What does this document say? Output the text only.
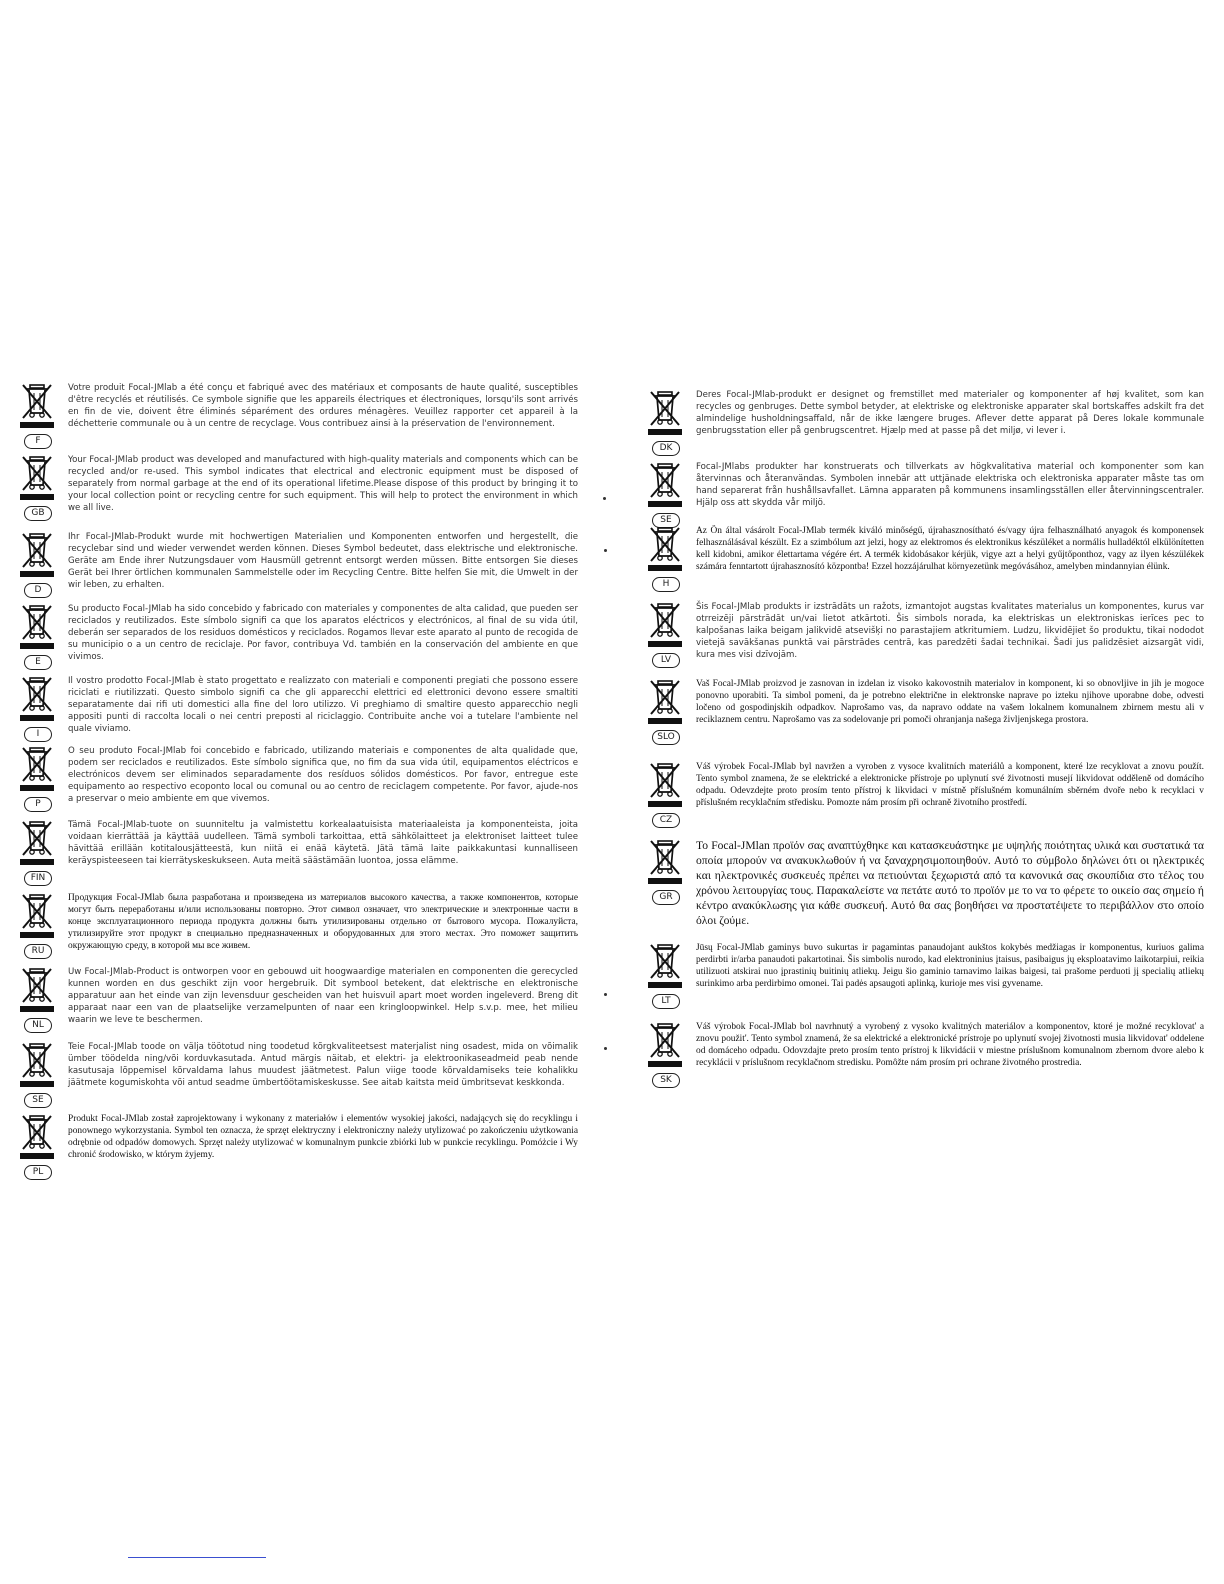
F

Votre produit Focal-JMlab a été conçu et fabriqué avec des matériaux et composants de haute qualité, susceptibles d'être recyclés et réutilisés. Ce symbole signifie que les appareils électriques et électroniques, lorsqu'ils sont arrivés en fin de vie, doivent être éliminés séparément des ordures ménagères. Veuillez rapporter cet appareil à la déchetterie communale ou à un centre de recyclage. Vous contribuez ainsi à la préservation de l'environnement.

GB

Your Focal-JMlab product was developed and manufactured with high-quality materials and components which can be recycled and/or re-used. This symbol indicates that electrical and electronic equipment must be disposed of separately from normal garbage at the end of its operational lifetime.Please dispose of this product by bringing it to your local collection point or recycling centre for such equipment. This will help to protect the environment in which we all live.

D

Ihr Focal-JMlab-Produkt wurde mit hochwertigen Materialien und Komponenten entworfen und hergestellt, die recyclebar sind und wieder verwendet werden können. Dieses Symbol bedeutet, dass elektrische und elektronische. Geräte am Ende ihrer Nutzungsdauer vom Hausmüll getrennt entsorgt werden müssen. Bitte entsorgen Sie dieses Gerät bei Ihrer örtlichen kommunalen Sammelstelle oder im Recycling Centre. Bitte helfen Sie mit, die Umwelt in der wir leben, zu erhalten.

E

Su producto Focal-JMlab ha sido concebido y fabricado con materiales y componentes de alta calidad, que pueden ser reciclados y reutilizados. Este símbolo signifi ca que los aparatos eléctricos y electrónicos, al final de su vida útil, deberán ser separados de los residuos domésticos y reciclados. Rogamos llevar este aparato al punto de recogida de su municipio o a un centro de reciclaje. Por favor, contribuya Vd. también en la conservación del ambiente en que vivimos.

I

Il vostro prodotto Focal-JMlab è stato progettato e realizzato con materiali e componenti pregiati che possono essere riciclati e riutilizzati. Questo simbolo signifi ca che gli apparecchi elettrici ed elettronici devono essere smaltiti separatamente dai rifi uti domestici alla fine del loro utilizzo. Vi preghiamo di smaltire questo apparecchio negli appositi punti di raccolta locali o nei centri preposti al riciclaggio. Contribuite anche voi a tutelare l'ambiente nel quale viviamo.

P

O seu produto Focal-JMlab foi concebido e fabricado, utilizando materiais e componentes de alta qualidade que, podem ser reciclados e reutilizados. Este símbolo significa que, no fim da sua vida útil, equipamentos eléctricos e electrónicos devem ser eliminados separadamente dos resíduos sólidos domésticos. Por favor, entregue este equipamento ao respectivo ecoponto local ou comunal ou ao centro de reciclagem competente. Por favor, ajude-nos a preservar o meio ambiente em que vivemos.

FIN

Tämä Focal-JMlab-tuote on suunniteltu ja valmistettu korkealaatuisista materiaaleista ja komponenteista, joita voidaan kierrättää ja käyttää uudelleen. Tämä symboli tarkoittaa, että sähkölaitteet ja elektroniset laitteet tulee hävittää erillään kotitalousjätteestä, kun niitä ei enää käytetä. Jätä tämä laite paikkakuntasi kunnalliseen keräyspisteeseen tai kierrätyskeskukseen. Auta meitä säästämään luontoa, jossa elämme.

RU

Продукция Focal-JMlab была разработана и произведена из материалов высокого качества, а также компонентов, которые могут быть переработаны и/или использованы повторно. Этот символ означает, что электрические и электронные части в конце эксплуатационного периода продукта должны быть утилизированы отдельно от бытового мусора. Пожалуйста, утилизируйте этот продукт в специально предназначенных и оборудованных для этого местах. Это поможет защитить окружающую среду, в которой мы все живем.

NL

Uw Focal-JMlab-Product is ontworpen voor en gebouwd uit hoogwaardige materialen en componenten die gerecycled kunnen worden en dus geschikt zijn voor hergebruik. Dit symbool betekent, dat elektrische en elektronische apparatuur aan het einde van zijn levensduur gescheiden van het huisvuil apart moet worden ingeleverd. Breng dit apparaat naar een van de plaatselijke verzamelpunten of naar een kringloopwinkel. Help s.v.p. mee, het milieu waarin we leve te beschermen.

SE

Teie Focal-JMlab toode on välja töötotud ning toodetud kõrgkvaliteetsest materjalist ning osadest, mida on võimalik ümber töödelda ning/või korduvkasutada. Antud märgis näitab, et elektri- ja elektroonikaseadmeid peab nende kasutusaja lõppemisel kõrvaldama lahus muudest jäätmetest. Palun viige toode kõrvaldamiseks teie kohalikku jäätmete kogumiskohta või antud seadme ümbertöötamiskeskusse. See aitab kaitsta meid ümbritsevat keskkonda.

PL

Produkt Focal-JMlab został zaprojektowany i wykonany z materiałów i elementów wysokiej jakości, nadających się do recyklingu i ponownego wykorzystania. Symbol ten oznacza, że sprzęt elektryczny i elektroniczny należy utylizować po zakończeniu użytkowania odrębnie od odpadów domowych. Sprzęt należy utylizować w komunalnym punkcie zbiórki lub w punkcie recyklingu. Pomóżcie i Wy chronić środowisko, w którym żyjemy.

DK

Deres Focal-JMlab-produkt er designet og fremstillet med materialer og komponenter af høj kvalitet, som kan recycles og genbruges. Dette symbol betyder, at elektriske og elektroniske apparater skal bortskaffes adskilt fra det almindelige husholdningsaffald, når de ikke længere bruges. Aflever dette apparat på Deres lokale kommunale genbrugsstation eller på genbrugscentret. Hjælp med at passe på det miljø, vi lever i.

SE

Focal-JMlabs produkter har konstruerats och tillverkats av högkvalitativa material och komponenter som kan återvinnas och återanvändas. Symbolen innebär att uttjänade elektriska och elektroniska apparater måste tas om hand separerat från hushållsavfallet. Lämna apparaten på kommunens insamlingsställen eller återvinningscentraler. Hjälp oss att skydda vår miljö.

H

Az Ön által vásárolt Focal-JMlab termék kiváló minőségű, újrahasznosítható és/vagy újra felhasználható anyagok és komponensek felhasználásával készült. Ez a szimbólum azt jelzi, hogy az elektromos és elektronikus készüléket a normális hulladéktól elkülönítetten kell kidobni, amikor élettartama végére ért. A termék kidobásakor kérjük, vigye azt a helyi gyűjtőponthoz, vagy az ilyen készülékek számára fenntartott újrahasznosító központba! Ezzel hozzájárulhat környezetünk megóvásához, amelyben mindannyian élünk.

LV

Šis Focal-JMlab produkts ir izstrādāts un ražots, izmantojot augstas kvalitates materialus un komponentes, kurus var otrreizēji pārstrādāt un/vai lietot atkārtoti. Šis simbols norada, ka elektriskas un elektroniskas ierīces pec to kalpošanas laika beigam jalikvidē atsevišķi no parastajiem atkritumiem. Ludzu, likvidējiet šo produktu, tikai nododot vietejā savākšanas punktā vai pārstrādes centrā, kas paredzēti šadai technikai. Šadi jus palidzēsiet aizsargāt vidi, kura mes visi dzīvojām.

SLO

Vaš Focal-JMlab proizvod je zasnovan in izdelan iz visoko kakovostnih materialov in komponent, ki so obnovljive in jih je mogoce ponovno uporabiti. Ta simbol pomeni, da je potrebno električne in elektronske naprave po izteku njihove uporabne dobe, odvesti ločeno od gospodinjskih odpadkov. Naprošamo vas, da napravo oddate na vašem lokalnem komunalnem zbirnem mestu ali v reciklaznem centru. Naprošamo vas za sodelovanje pri pomoči ohranjanja našega življenjskega prostora.

CZ

Váš výrobek Focal-JMlab byl navržen a vyroben z vysoce kvalitních materiálů a komponent, které lze recyklovat a znovu použít. Tento symbol znamena, že se elektrické a elektronicke přístroje po uplynutí své životnosti musejí likvidovat odděleně od domácího odpadu. Odevzdejte proto prosím tento přístroj k likvidaci v místně příslušném komunálním sběrném dvoře nebo k recyklaci v příslušném recyklačním středisku. Pomozte nám prosím při ochraně životního prostředí.

GR

Το Focal-JMlan προϊόν σας αναπτύχθηκε και κατασκευάστηκε με υψηλής ποιότητας υλικά και συστατικά τα οποία μπορούν να ανακυκλωθούν ή να ξαναχρησιμοποιηθούν. Αυτό το σύμβολο δηλώνει ότι οι ηλεκτρικές και ηλεκτρονικές συσκευές πρέπει να πετιούνται ξεχωριστά από τα κανονικά σας σκουπίδια στο τέλος του χρόνου λειτουργίας τους. Παρακαλείστε να πετάτε αυτό το προϊόν με το να το φέρετε το οικείο σας σημείο ή κέντρο ανακύκλωσης για κάθε συσκευή. Αυτό θα σας βοηθήσει να προστατέψετε το περιβάλλον στο οποίο όλοι ζούμε.

LT

Jūsų Focal-JMlab gaminys buvo sukurtas ir pagamintas panaudojant aukštos kokybės medžiagas ir komponentus, kuriuos galima perdirbti ir/arba panaudoti pakartotinai. Šis simbolis nurodo, kad elektroninius įtaisus, pasibaigus jų eksploatavimo laikotarpiui, reikia utilizuoti atskirai nuo įprastinių buitinių atliekų. Jeigu šio gaminio tarnavimo laikas baigesi, tai prašome perduoti jį specialių atliekų surinkimo arba perdirbimo omonei. Tai padės apsaugoti aplinką, kurioje mes visi gyvename.

SK

Váš výrobok Focal-JMlab bol navrhnutý a vyrobený z vysoko kvalitných materiálov a komponentov, ktoré je možné recyklovat' a znovu použit'. Tento symbol znamená, že sa elektrické a elektronické prístroje po uplynutí svojej životnosti musia likvidovat' oddelene od domáceho odpadu. Odovzdajte preto prosím tento prístroj k likvidácii v miestne príslušnom komunalnom zbernom dvore alebo k recyklácii v príslušnom recyklačnom stredisku. Pomôžte nám prosím pri ochrane životného prostredia.
